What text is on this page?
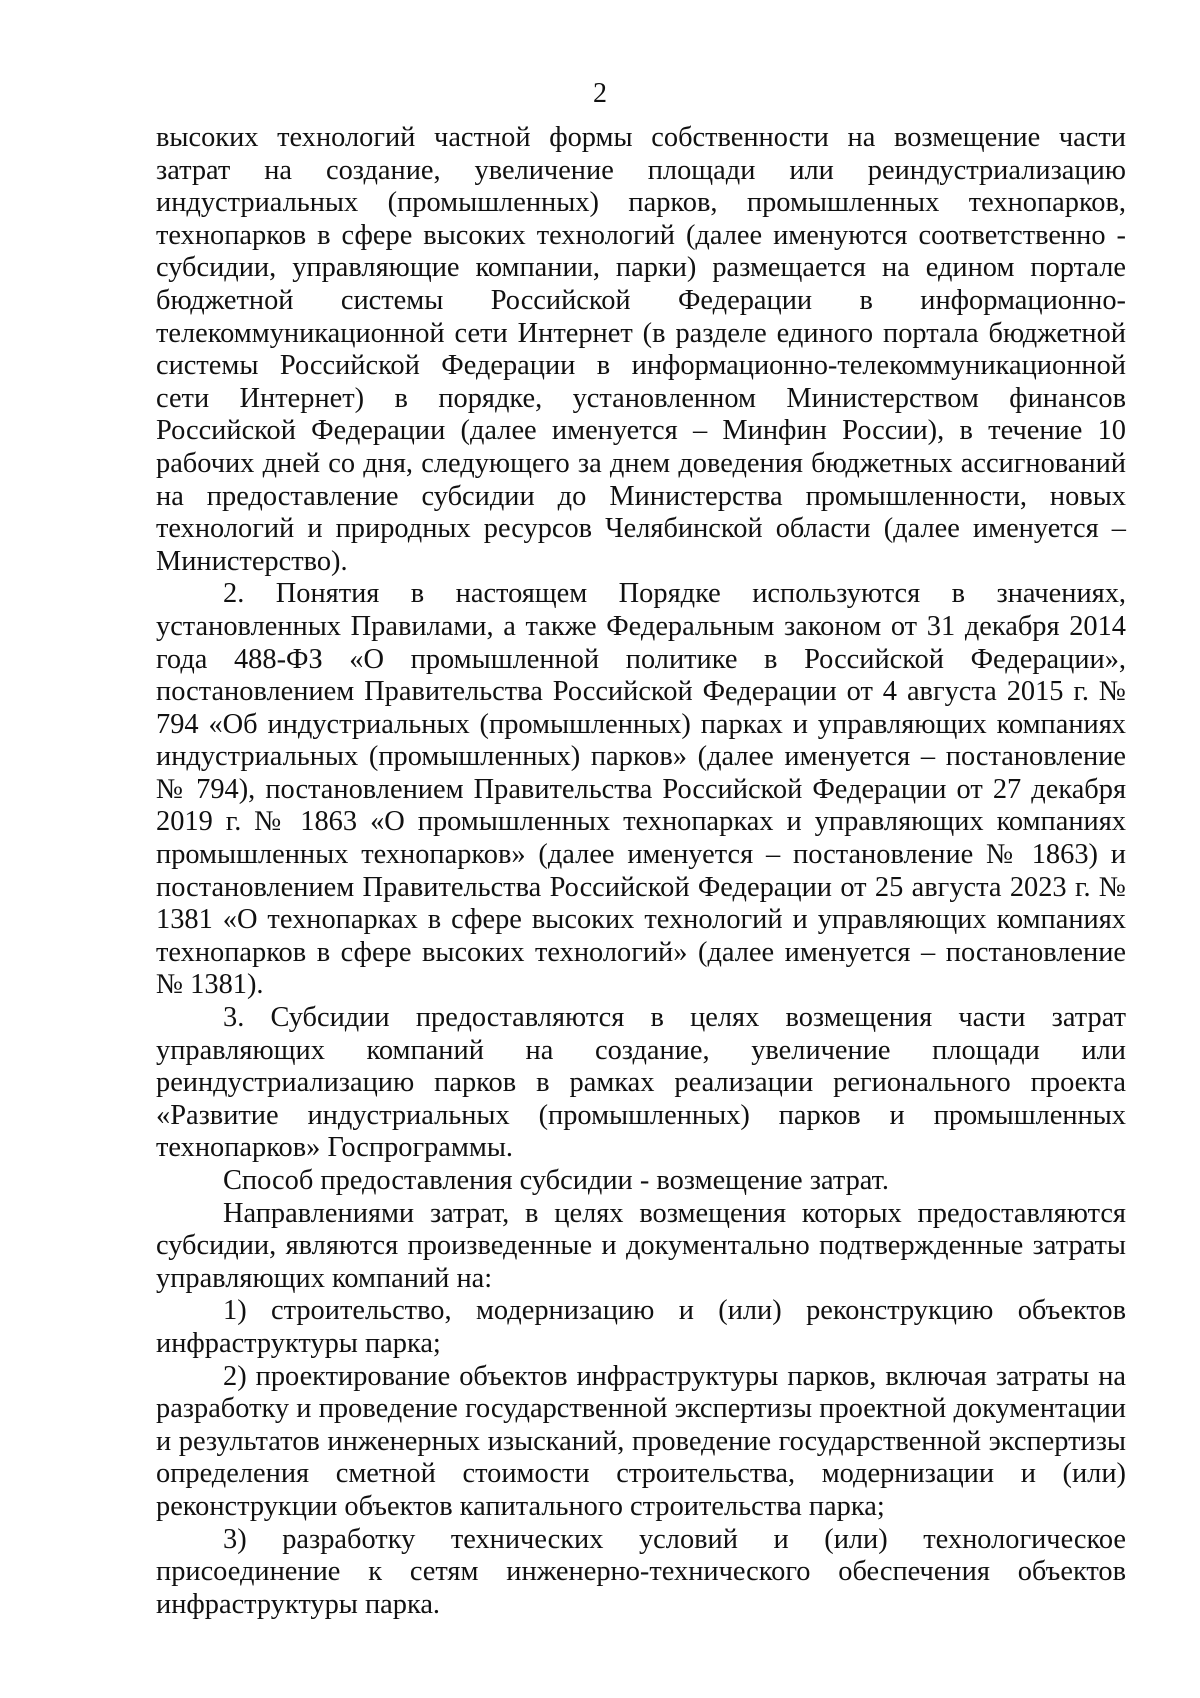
2

высоких технологий частной формы собственности на возмещение части затрат на создание, увеличение площади или реиндустриализацию индустриальных (промышленных) парков, промышленных технопарков, технопарков в сфере высоких технологий (далее именуются соответственно - субсидии, управляющие компании, парки) размещается на едином портале бюджетной системы Российской Федерации в информационно-телекоммуникационной сети Интернет (в разделе единого портала бюджетной системы Российской Федерации в информационно-телекоммуникационной сети Интернет) в порядке, установленном Министерством финансов Российской Федерации (далее именуется – Минфин России), в течение 10 рабочих дней со дня, следующего за днем доведения бюджетных ассигнований на предоставление субсидии до Министерства промышленности, новых технологий и природных ресурсов Челябинской области (далее именуется – Министерство).

2. Понятия в настоящем Порядке используются в значениях, установленных Правилами, а также Федеральным законом от 31 декабря 2014 года 488-ФЗ «О промышленной политике в Российской Федерации», постановлением Правительства Российской Федерации от 4 августа 2015 г. № 794 «Об индустриальных (промышленных) парках и управляющих компаниях индустриальных (промышленных) парков» (далее именуется – постановление № 794), постановлением Правительства Российской Федерации от 27 декабря 2019 г. № 1863 «О промышленных технопарках и управляющих компаниях промышленных технопарков» (далее именуется – постановление № 1863) и постановлением Правительства Российской Федерации от 25 августа 2023 г. № 1381 «О технопарках в сфере высоких технологий и управляющих компаниях технопарков в сфере высоких технологий» (далее именуется – постановление № 1381).

3. Субсидии предоставляются в целях возмещения части затрат управляющих компаний на создание, увеличение площади или реиндустриализацию парков в рамках реализации регионального проекта «Развитие индустриальных (промышленных) парков и промышленных технопарков» Госпрограммы.

Способ предоставления субсидии - возмещение затрат.

Направлениями затрат, в целях возмещения которых предоставляются субсидии, являются произведенные и документально подтвержденные затраты управляющих компаний на:

1) строительство, модернизацию и (или) реконструкцию объектов инфраструктуры парка;

2) проектирование объектов инфраструктуры парков, включая затраты на разработку и проведение государственной экспертизы проектной документации и результатов инженерных изысканий, проведение государственной экспертизы определения сметной стоимости строительства, модернизации и (или) реконструкции объектов капитального строительства парка;

3) разработку технических условий и (или) технологическое присоединение к сетям инженерно-технического обеспечения объектов инфраструктуры парка.
